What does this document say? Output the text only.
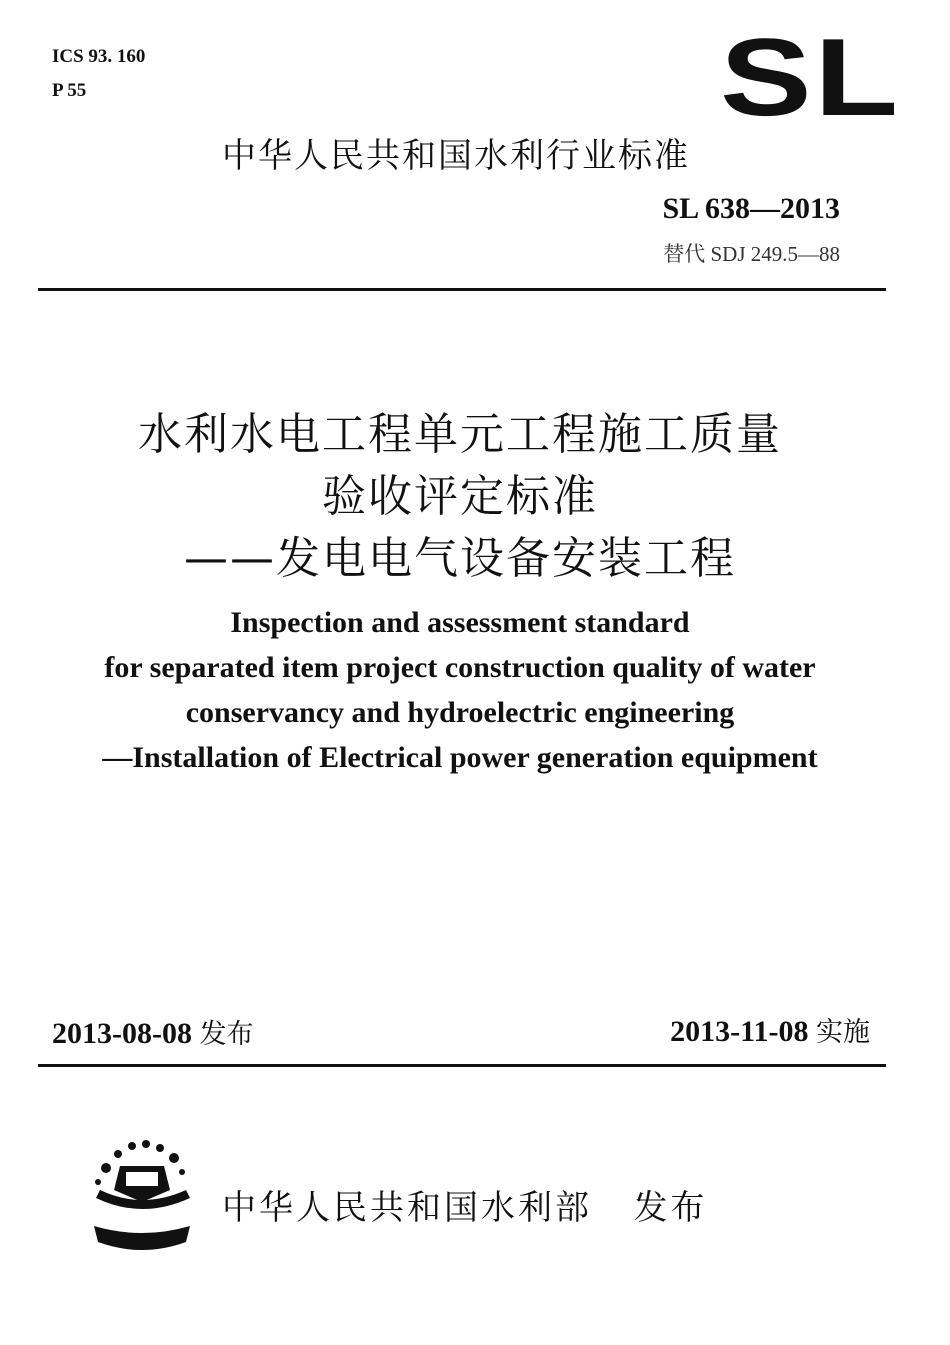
ICS 93. 160
P 55	SL
中华人民共和国水利行业标准
SL 638—2013
替代 SDJ 249.5—88
水利水电工程单元工程施工质量
验收评定标准
——发电电气设备安装工程
Inspection and assessment standard
for separated item project construction quality of water
conservancy and hydroelectric engineering
—Installation of Electrical power generation equipment
2013-08-08 发布	2013-11-08 实施
中华人民共和国水利部 发布
